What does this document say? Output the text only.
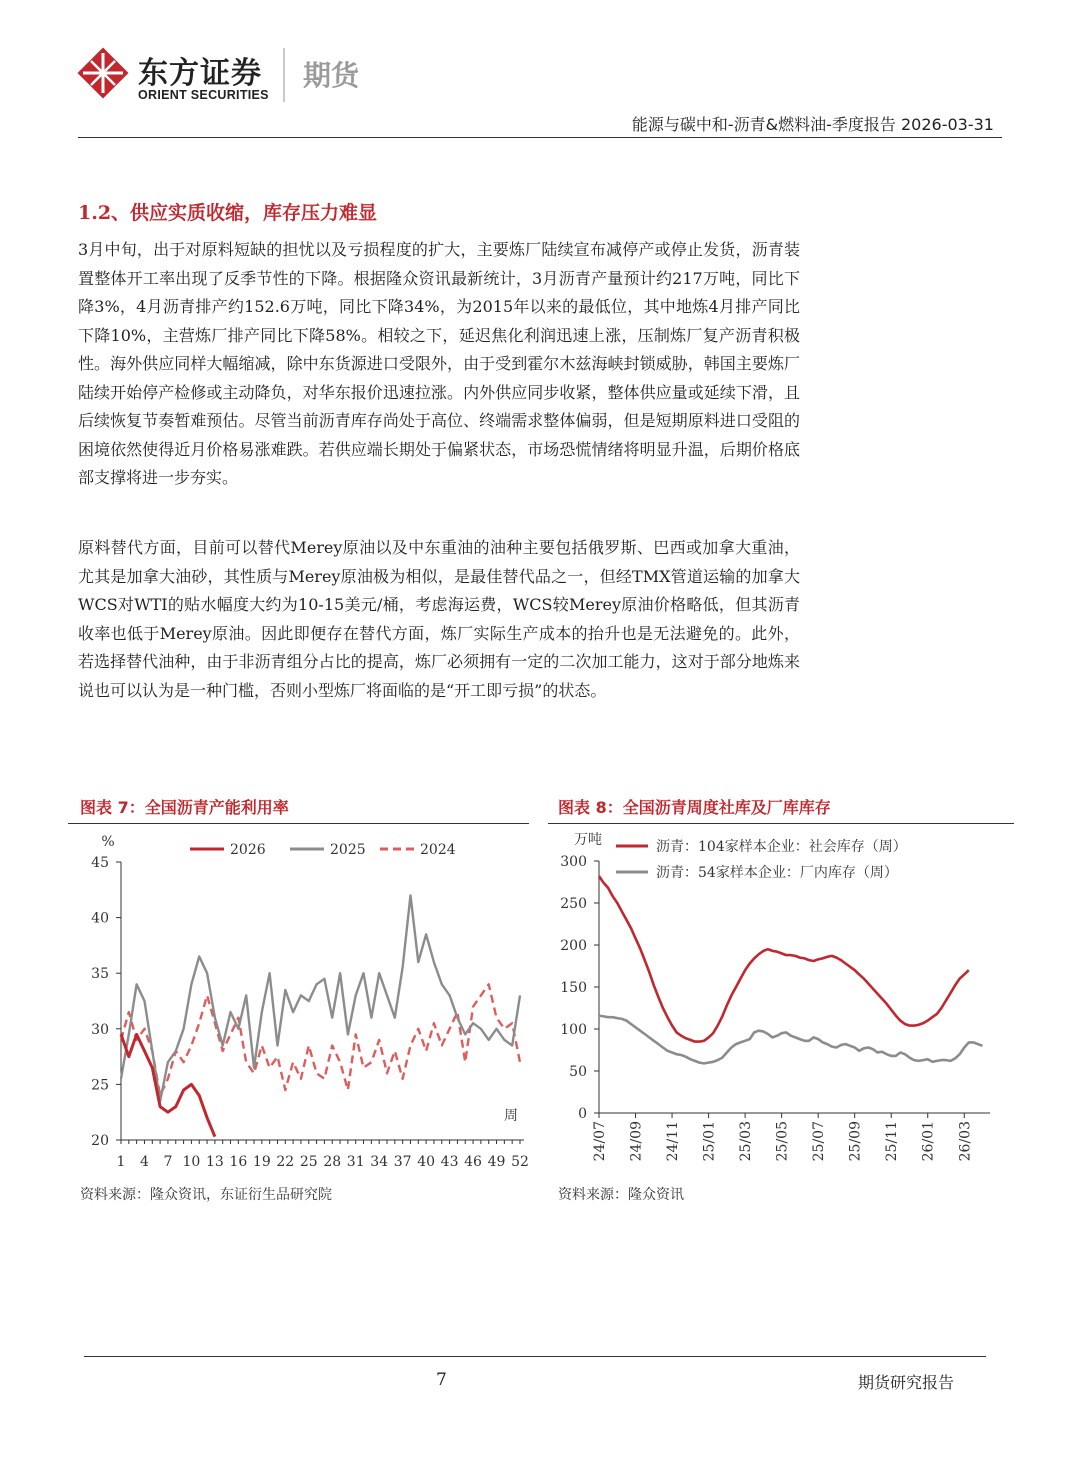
东方证券
ORIENT SECURITIES
期货
能源与碳中和-沥青&燃料油-季度报告 2026-03-31
1.2、供应实质收缩，库存压力难显

3月中旬，出于对原料短缺的担忧以及亏损程度的扩大，主要炼厂陆续宣布减停产或停止发货，沥青装置整体开工率出现了反季节性的下降。根据隆众资讯最新统计，3月沥青产量预计约217万吨，同比下降3%，4月沥青排产约152.6万吨，同比下降34%，为2015年以来的最低位，其中地炼4月排产同比下降10%，主营炼厂排产同比下降58%。相较之下，延迟焦化利润迅速上涨，压制炼厂复产沥青积极性。海外供应同样大幅缩减，除中东货源进口受限外，由于受到霍尔木兹海峡封锁威胁，韩国主要炼厂陆续开始停产检修或主动降负，对华东报价迅速拉涨。内外供应同步收紧，整体供应量或延续下滑，且后续恢复节奏暂难预估。尽管当前沥青库存尚处于高位、终端需求整体偏弱，但是短期原料进口受阻的困境依然使得近月价格易涨难跌。若供应端长期处于偏紧状态，市场恐慌情绪将明显升温，后期价格底部支撑将进一步夯实。

原料替代方面，目前可以替代Merey原油以及中东重油的油种主要包括俄罗斯、巴西或加拿大重油，尤其是加拿大油砂，其性质与Merey原油极为相似，是最佳替代品之一，但经TMX管道运输的加拿大WCS对WTI的贴水幅度大约为10-15美元/桶，考虑海运费，WCS较Merey原油价格略低，但其沥青收率也低于Merey原油。因此即便存在替代方面，炼厂实际生产成本的抬升也是无法避免的。此外，若选择替代油种，由于非沥青组分占比的提高，炼厂必须拥有一定的二次加工能力，这对于部分地炼来说也可以认为是一种门槛，否则小型炼厂将面临的是“开工即亏损”的状态。

图表 7：全国沥青产能利用率
20
25
30
35
40
45
1 4 7 10 13 16 19 22 25 28 31 34 37 40 43 46 49 52
%
周
2026	2025	2024
资料来源：隆众资讯，东证衍生品研究院
图表 8：全国沥青周度社库及厂库库存
0
50
100
150
200
250
300
万吨
24/07 24/09 24/11 25/01 25/03 25/05 25/07 25/09 25/11 26/01 26/03
沥青：104家样本企业：社会库存（周）
沥青：54家样本企业：厂内库存（周）
资料来源：隆众资讯
7	期货研究报告
